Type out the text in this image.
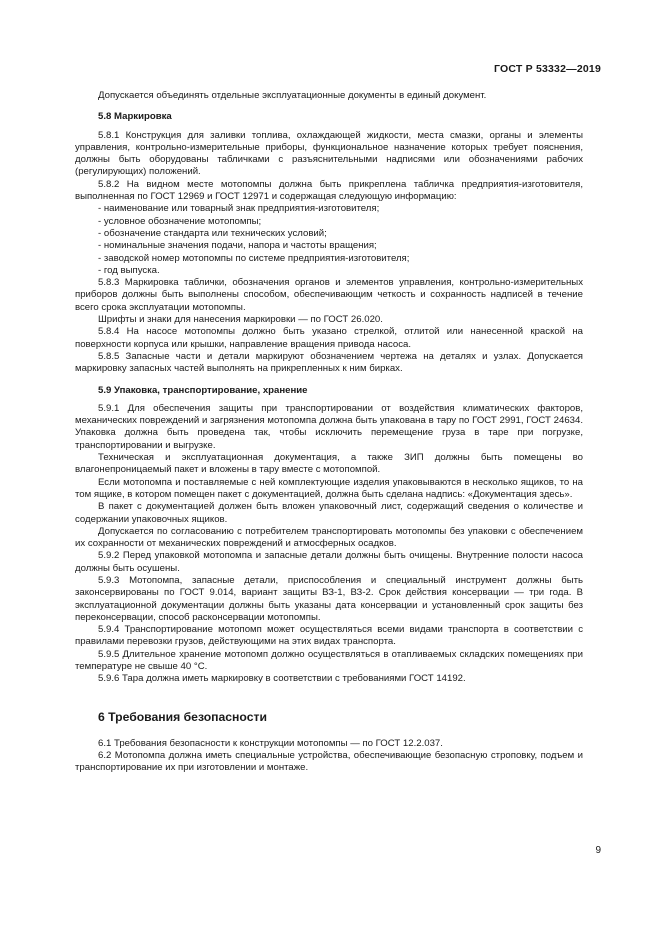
ГОСТ Р 53332—2019

Допускается объединять отдельные эксплуатационные документы в единый документ.

5.8 Маркировка

5.8.1 Конструкция для заливки топлива, охлаждающей жидкости, места смазки, органы и элементы управления, контрольно-измерительные приборы, функциональное назначение которых требует пояснения, должны быть оборудованы табличками с разъяснительными надписями или обозначениями рабочих (регулирующих) положений.

5.8.2 На видном месте мотопомпы должна быть прикреплена табличка предприятия-изготовителя, выполненная по ГОСТ 12969 и ГОСТ 12971 и содержащая следующую информацию:

- наименование или товарный знак предприятия-изготовителя;
- условное обозначение мотопомпы;
- обозначение стандарта или технических условий;
- номинальные значения подачи, напора и частоты вращения;
- заводской номер мотопомпы по системе предприятия-изготовителя;
- год выпуска.

5.8.3 Маркировка таблички, обозначения органов и элементов управления, контрольно-измерительных приборов должны быть выполнены способом, обеспечивающим четкость и сохранность надписей в течение всего срока эксплуатации мотопомпы.

Шрифты и знаки для нанесения маркировки — по ГОСТ 26.020.

5.8.4 На насосе мотопомпы должно быть указано стрелкой, отлитой или нанесенной краской на поверхности корпуса или крышки, направление вращения привода насоса.

5.8.5 Запасные части и детали маркируют обозначением чертежа на деталях и узлах. Допускается маркировку запасных частей выполнять на прикрепленных к ним бирках.

5.9 Упаковка, транспортирование, хранение

5.9.1 Для обеспечения защиты при транспортировании от воздействия климатических факторов, механических повреждений и загрязнения мотопомпа должна быть упакована в тару по ГОСТ 2991, ГОСТ 24634. Упаковка должна быть проведена так, чтобы исключить перемещение груза в таре при погрузке, транспортировании и выгрузке.

Техническая и эксплуатационная документация, а также ЗИП должны быть помещены во влагонепроницаемый пакет и вложены в тару вместе с мотопомпой.

Если мотопомпа и поставляемые с ней комплектующие изделия упаковываются в несколько ящиков, то на том ящике, в котором помещен пакет с документацией, должна быть сделана надпись: «Документация здесь».

В пакет с документацией должен быть вложен упаковочный лист, содержащий сведения о количестве и содержании упаковочных ящиков.

Допускается по согласованию с потребителем транспортировать мотопомпы без упаковки с обеспечением их сохранности от механических повреждений и атмосферных осадков.

5.9.2 Перед упаковкой мотопомпа и запасные детали должны быть очищены. Внутренние полости насоса должны быть осушены.

5.9.3 Мотопомпа, запасные детали, приспособления и специальный инструмент должны быть законсервированы по ГОСТ 9.014, вариант защиты ВЗ-1, ВЗ-2. Срок действия консервации — три года. В эксплуатационной документации должны быть указаны дата консервации и установленный срок защиты без переконсервации, способ расконсервации мотопомпы.

5.9.4 Транспортирование мотопомп может осуществляться всеми видами транспорта в соответствии с правилами перевозки грузов, действующими на этих видах транспорта.

5.9.5 Длительное хранение мотопомп должно осуществляться в отапливаемых складских помещениях при температуре не свыше 40 °С.

5.9.6 Тара должна иметь маркировку в соответствии с требованиями ГОСТ 14192.

6 Требования безопасности

6.1 Требования безопасности к конструкции мотопомпы — по ГОСТ 12.2.037.

6.2 Мотопомпа должна иметь специальные устройства, обеспечивающие безопасную строповку, подъем и транспортирование их при изготовлении и монтаже.

9
